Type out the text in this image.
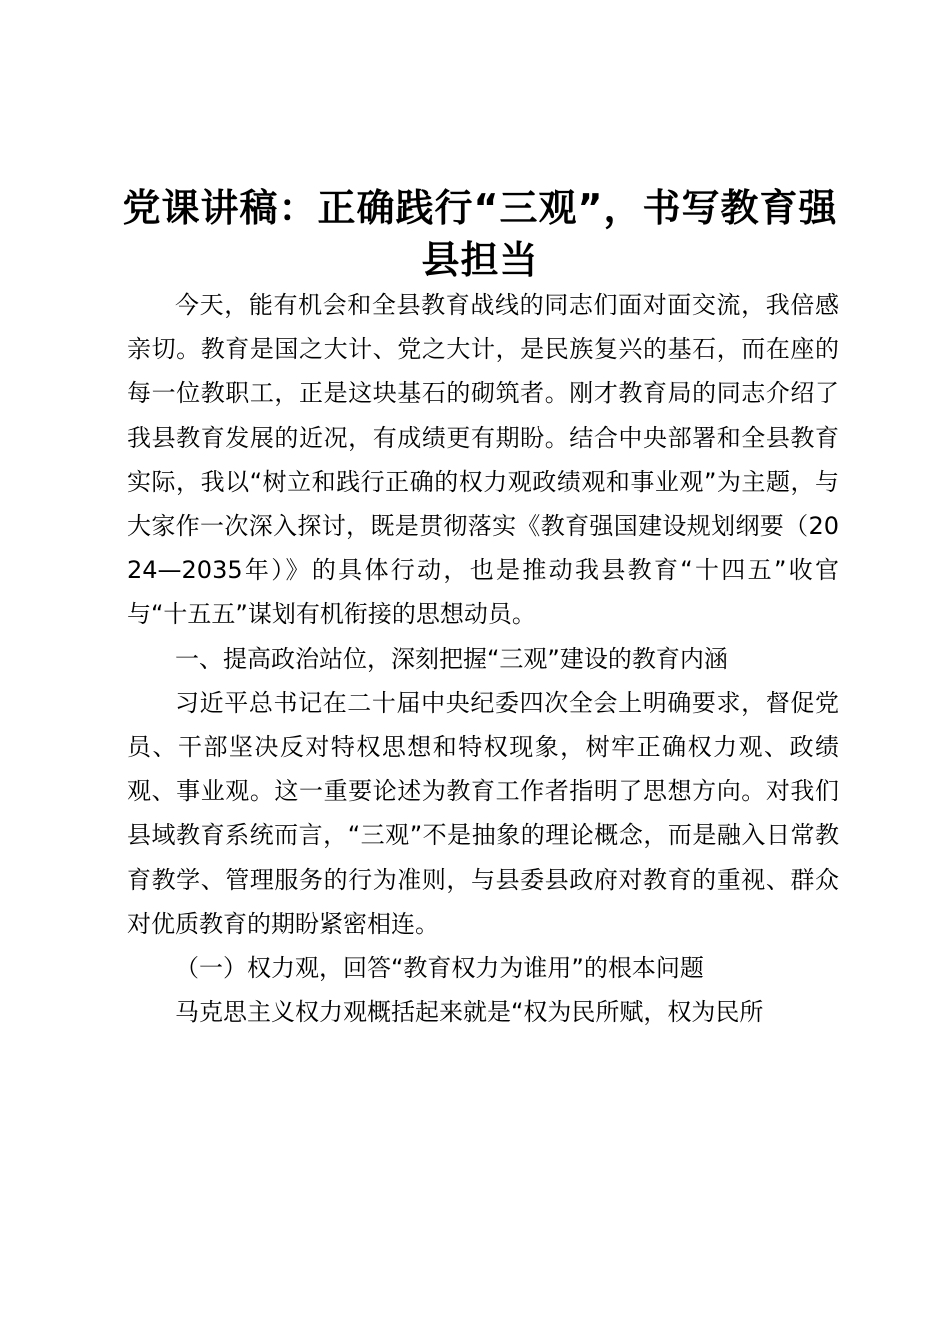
党课讲稿：正确践行“三观”，书写教育强县担当

今天，能有机会和全县教育战线的同志们面对面交流，我倍感亲切。教育是国之大计、党之大计，是民族复兴的基石，而在座的每一位教职工，正是这块基石的砌筑者。刚才教育局的同志介绍了我县教育发展的近况，有成绩更有期盼。结合中央部署和全县教育实际，我以“树立和践行正确的权力观政绩观和事业观”为主题，与大家作一次深入探讨，既是贯彻落实《教育强国建设规划纲要（2024—2035年）》的具体行动，也是推动我县教育“十四五”收官与“十五五”谋划有机衔接的思想动员。

一、提高政治站位，深刻把握“三观”建设的教育内涵

习近平总书记在二十届中央纪委四次全会上明确要求，督促党员、干部坚决反对特权思想和特权现象，树牢正确权力观、政绩观、事业观。这一重要论述为教育工作者指明了思想方向。对我们县域教育系统而言，“三观”不是抽象的理论概念，而是融入日常教育教学、管理服务的行为准则，与县委县政府对教育的重视、群众对优质教育的期盼紧密相连。

（一）权力观，回答“教育权力为谁用”的根本问题

马克思主义权力观概括起来就是“权为民所赋，权为民所
